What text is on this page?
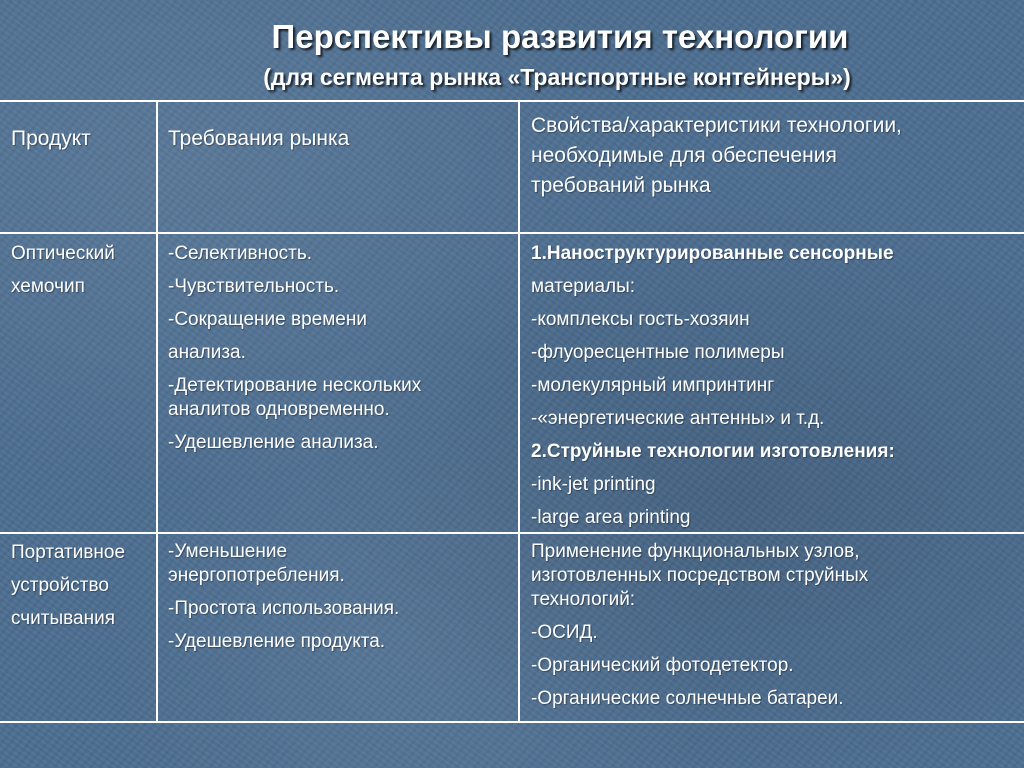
Перспективы развития технологии
(для сегмента рынка «Транспортные контейнеры»)
Продукт	Требования рынка

Свойства/характеристики технологии,

необходимые для обеспечения

требований рынка

Оптический

хемочип

-Селективность.

-Чувствительность.

-Сокращение времени

анализа.

-Детектирование нескольких аналитов одновременно.

-Удешевление анализа.

1.Наноструктурированные сенсорные

материалы:

-комплексы гость-хозяин

-флуоресцентные полимеры

-молекулярный импринтинг

-«энергетические антенны» и т.д.

2.Струйные технологии изготовления:

-ink-jet printing

-large area printing

Портативное

устройство

считывания

-Уменьшение энергопотребления.

-Простота использования.

-Удешевление продукта.

Применение функциональных узлов, изготовленных посредством струйных технологий:

-ОСИД.

-Органический фотодетектор.

-Органические солнечные батареи.
